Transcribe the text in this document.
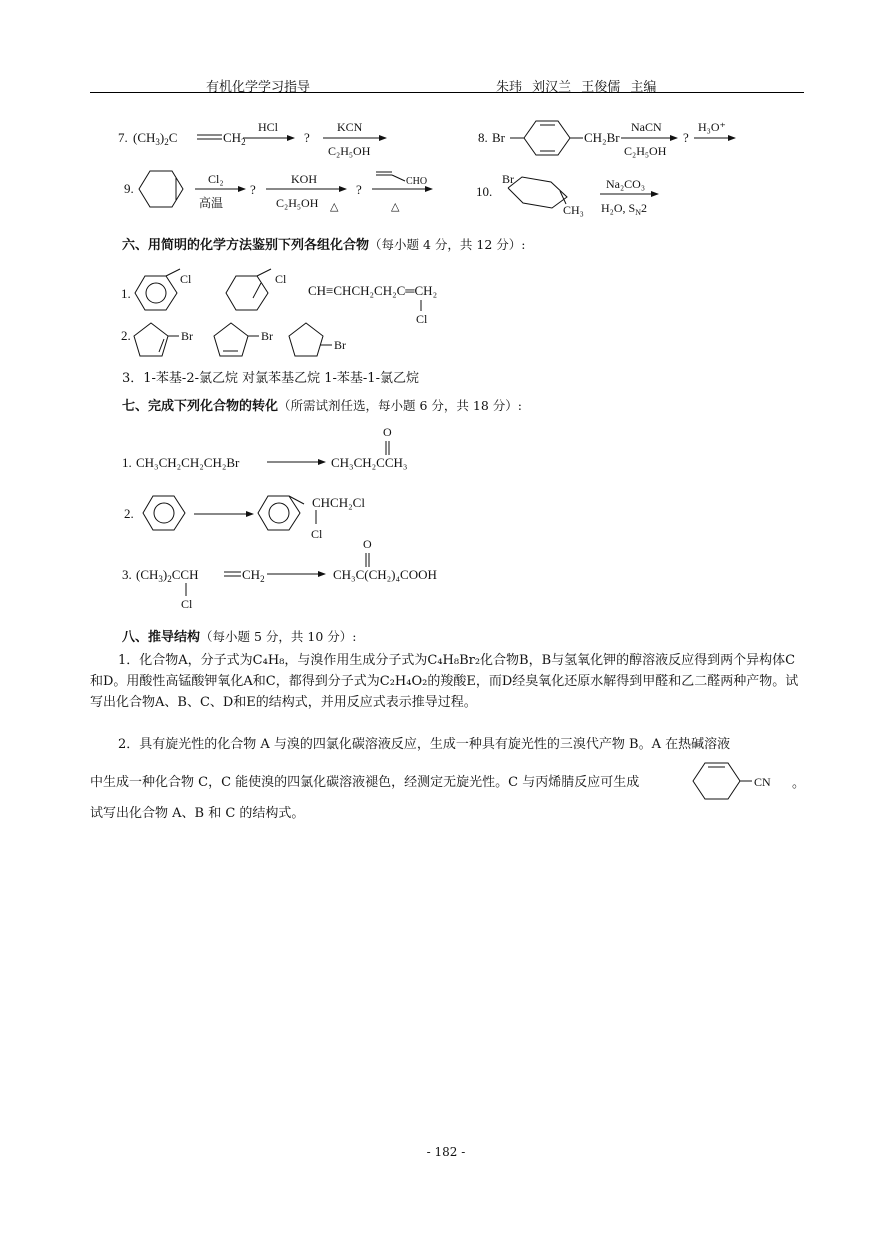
有机化学学习指导	朱玮 刘汉兰 王俊儒 主编
7. $(CH_3)_2C$	$CH_2$
HCl
?
KCN
C₂H₅OH
8. Br	CH₂Br
NaCN
C₂H₅OH
?
H₃O⁺
9.
Cl₂
高温
?
KOH
C₂H₅OH △
?
CHO
△
10.
Br
CH₃
Na₂CO₃
H₂O, $S_N2$
1.
Cl	Cl
CH≡CHCH₂CH₂C═CH₂
Cl
2.	Br	Br
Br
1. CH₃CH₂CH₂CH₂Br	CH₃CH₂CCH₃
O
2.
CHCH₂Cl
Cl
3. $(CH_3)_2CCH$	$CH_2$
Cl
CH₃C(CH₂)₄COOH
O
CN 。
六、用简明的化学方法鉴别下列各组化合物（每小题 4 分，共 12 分）:
3．1-苯基-2-氯乙烷 对氯苯基乙烷 1-苯基-1-氯乙烷
七、完成下列化合物的转化（所需试剂任选，每小题 6 分，共 18 分）:
八、推导结构（每小题 5 分，共 10 分）:
1．化合物A，分子式为C₄H₈，与溴作用生成分子式为C₄H₈Br₂化合物B，B与氢氧化钾的醇溶液反应得到两个异构体C和D。用酸性高锰酸钾氧化A和C，都得到分子式为C₂H₄O₂的羧酸E，而D经臭氧化还原水解得到甲醛和乙二醛两种产物。试写出化合物A、B、C、D和E的结构式，并用反应式表示推导过程。
2．具有旋光性的化合物 A 与溴的四氯化碳溶液反应，生成一种具有旋光性的三溴代产物 B。A 在热碱溶液
中生成一种化合物 C，C 能使溴的四氯化碳溶液褪色，经测定无旋光性。C 与丙烯腈反应可生成
试写出化合物 A、B 和 C 的结构式。
- 182 -
